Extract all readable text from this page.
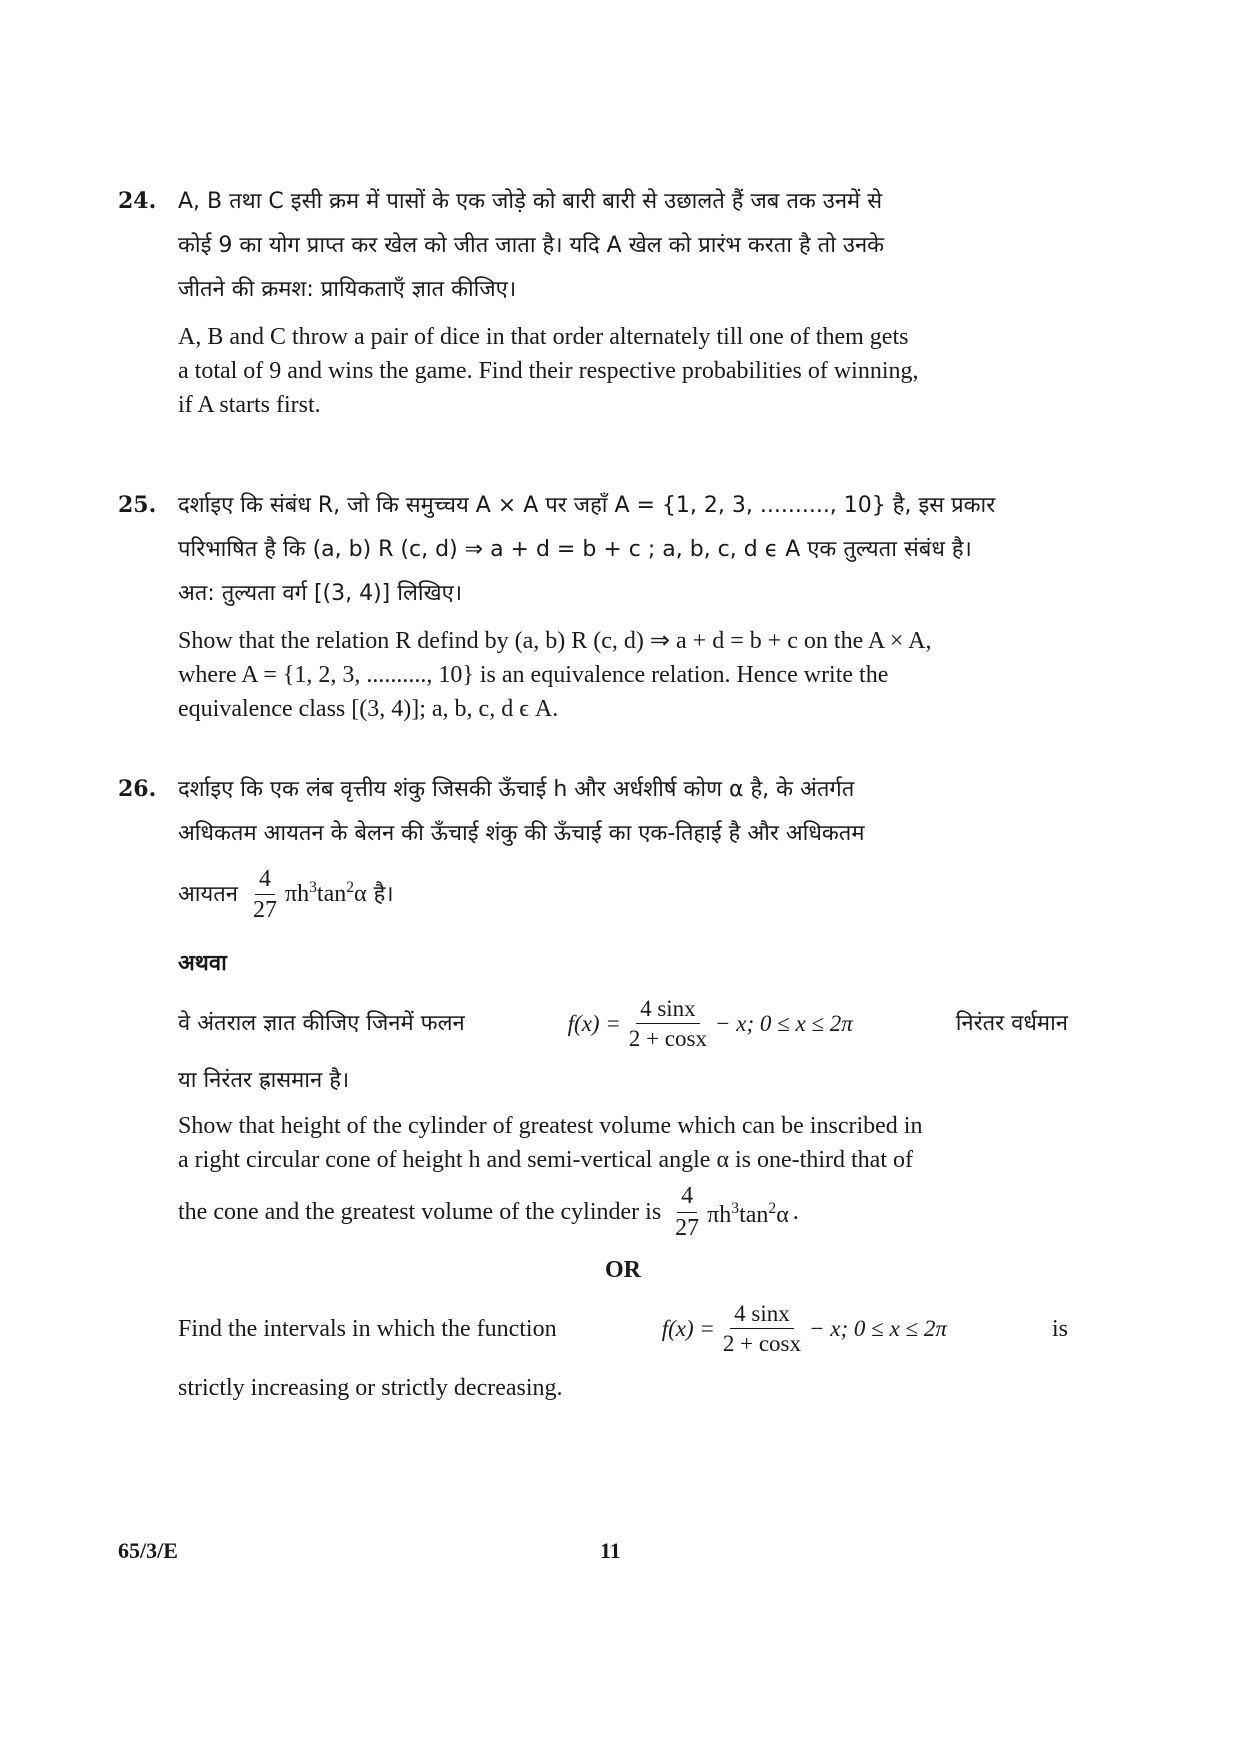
24. A, B तथा C इसी क्रम में पासों के एक जोड़े को बारी बारी से उछालते हैं जब तक उनमें से
कोई 9 का योग प्राप्त कर खेल को जीत जाता है। यदि A खेल को प्रारंभ करता है तो उनके
जीतने की क्रमश: प्रायिकताएँ ज्ञात कीजिए।
A, B and C throw a pair of dice in that order alternately till one of them gets
a total of 9 and wins the game. Find their respective probabilities of winning,
if A starts first.
25. दर्शाइए कि संबंध R, जो कि समुच्चय A × A पर जहाँ A = {1, 2, 3, .........., 10} है, इस प्रकार
परिभाषित है कि (a, b) R (c, d) ⇒ a + d = b + c ; a, b, c, d ϵ A एक तुल्यता संबंध है।
अत: तुल्यता वर्ग [(3, 4)] लिखिए।
Show that the relation R defind by (a, b) R (c, d) ⇒ a + d = b + c on the A × A,
where A = {1, 2, 3, .........., 10} is an equivalence relation. Hence write the
equivalence class [(3, 4)]; a, b, c, d ϵ A.
26. दर्शाइए कि एक लंब वृत्तीय शंकु जिसकी ऊँचाई h और अर्धशीर्ष कोण α है, के अंतर्गत
अधिकतम आयतन के बेलन की ऊँचाई शंकु की ऊँचाई का एक-तिहाई है और अधिकतम
आयतन $\frac{4}{27} \pi h^3\tan^2\alpha$ है।
अथवा
वे अंतराल ज्ञात कीजिए जिनमें फलन	$f(x) = \frac{4 \sin x}{2 + \cos x} - x$; 0 ≤ x ≤ 2π	निरंतर वर्धमान
या निरंतर ह्रासमान है।
Show that height of the cylinder of greatest volume which can be inscribed in
a right circular cone of height h and semi-vertical angle α is one-third that of
the cone and the greatest volume of the cylinder is $\frac{4}{27} \pi h^3\tan^2\alpha$ .
OR
Find the intervals in which the function	$f(x) = \frac{4 \sin x}{2 + \cos x} - x$; 0 ≤ x ≤ 2π	is
strictly increasing or strictly decreasing.
65/3/E	11
